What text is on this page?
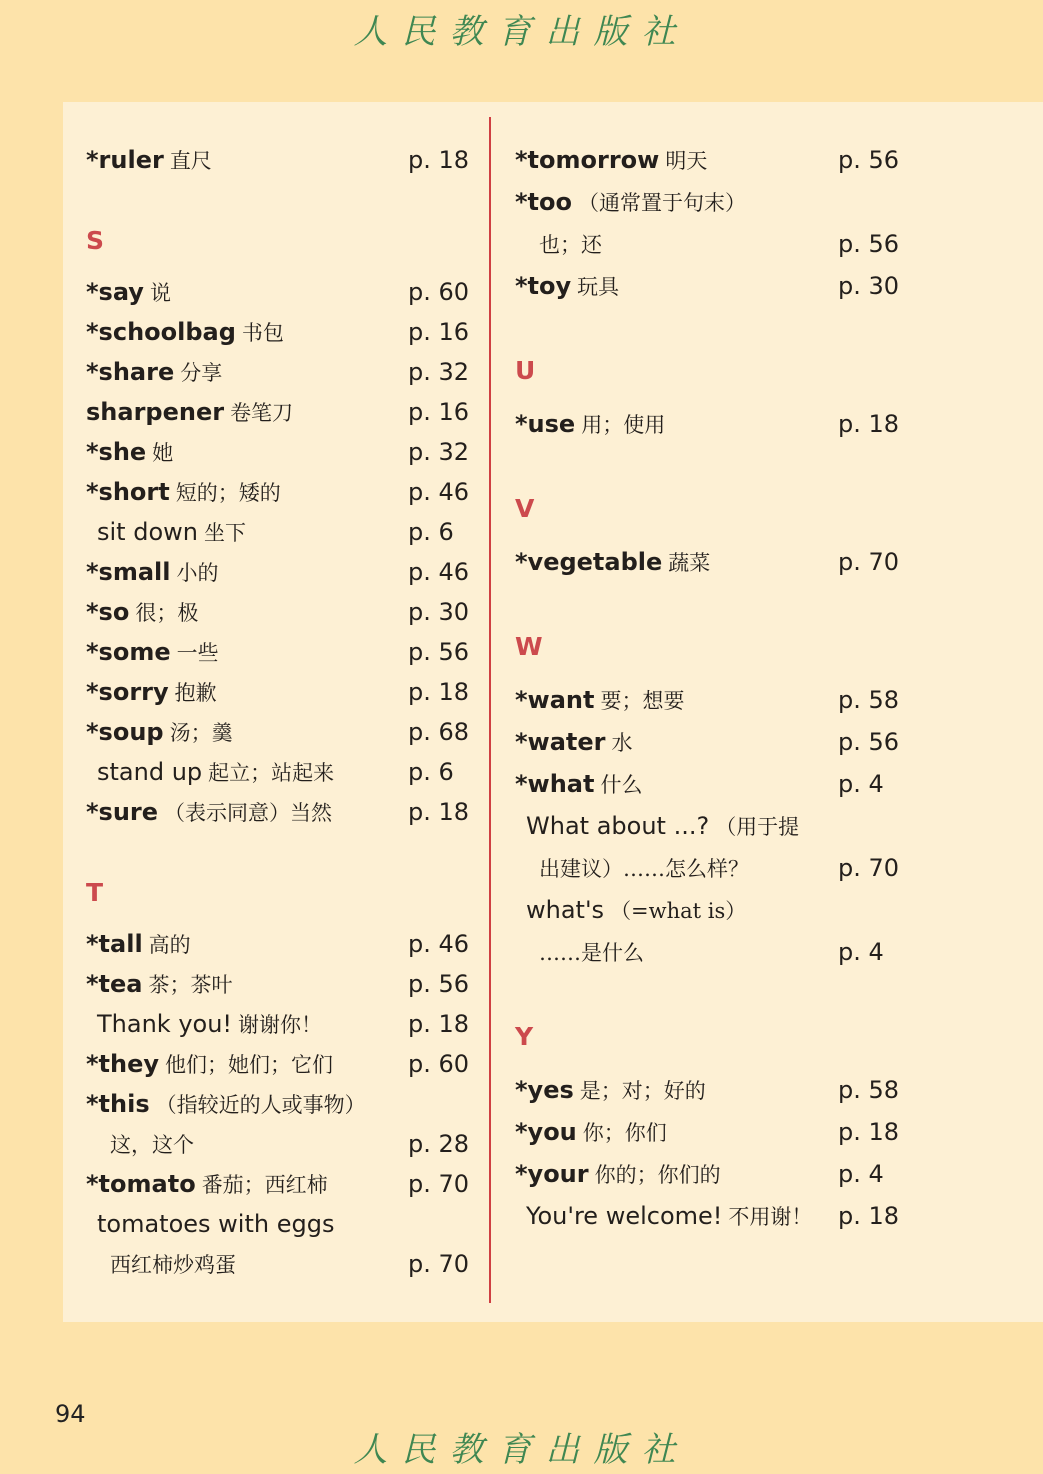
人民教育出版社
*ruler 直尺	p. 18
S
*say 说	p. 60
*schoolbag 书包	p. 16
*share 分享	p. 32
sharpener 卷笔刀	p. 16
*she 她	p. 32
*short 短的；矮的	p. 46
sit down 坐下	p. 6
*small 小的	p. 46
*so 很；极	p. 30
*some 一些	p. 56
*sorry 抱歉	p. 18
*soup 汤；羹	p. 68
stand up 起立；站起来	p. 6
*sure （表示同意）当然	p. 18
T
*tall 高的	p. 46
*tea 茶；茶叶	p. 56
Thank you! 谢谢你！	p. 18
*they 他们；她们；它们	p. 60
*this （指较近的人或事物）
这，这个	p. 28
*tomato 番茄；西红柿	p. 70
tomatoes with eggs
西红柿炒鸡蛋	p. 70
*tomorrow 明天	p. 56
*too （通常置于句末）
也；还	p. 56
*toy 玩具	p. 30
U
*use 用；使用	p. 18
V
*vegetable 蔬菜	p. 70
W
*want 要；想要	p. 58
*water 水	p. 56
*what 什么	p. 4
What about ...? （用于提
出建议）……怎么样？	p. 70
what's （=what is）
……是什么	p. 4
Y
*yes 是；对；好的	p. 58
*you 你；你们	p. 18
*your 你的；你们的	p. 4
You're welcome! 不用谢！ p. 18
94
人民教育出版社
